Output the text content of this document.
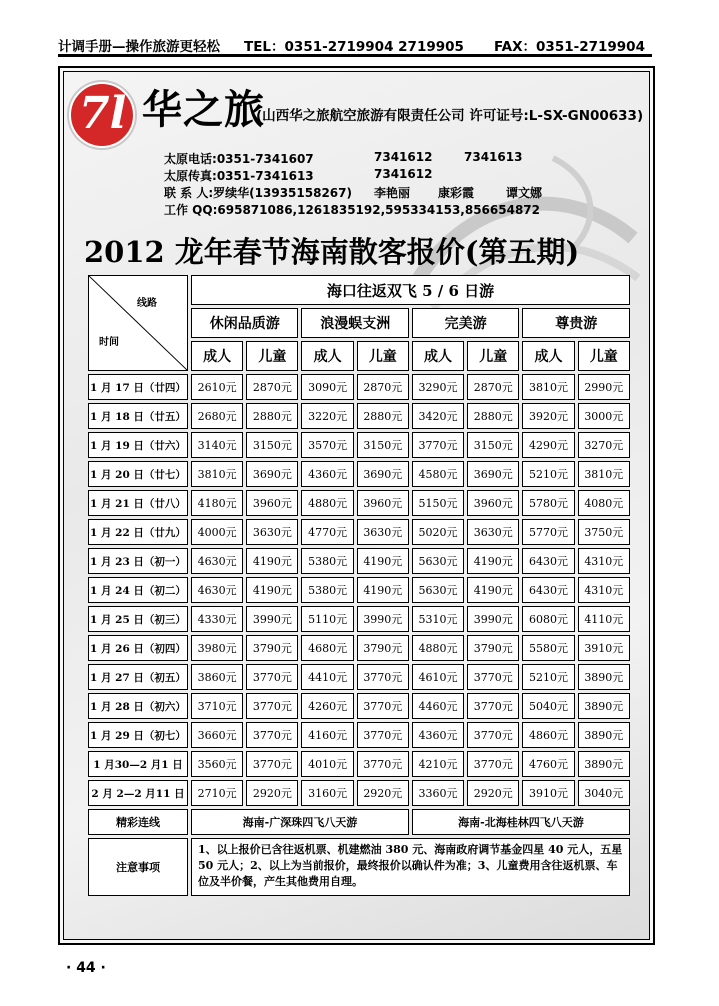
计调手册—操作旅游更轻松 TEL：0351-2719904 2719905 FAX：0351-2719904
7l 华之旅
(山西华之旅航空旅游有限责任公司 许可证号:L-SX-GN00633)
太原电话:0351-7341607	7341612	7341613
太原传真:0351-7341613	7341612
联 系 人:罗续华(13935158267) 李艳丽 康彩霞	谭文娜
工作 QQ:695871086,1261835192,595334153,856654872
2012 龙年春节海南散客报价(第五期)
线路
时间	海口往返双飞 5 / 6 日游							
	休闲品质游		浪漫蜈支洲		完美游		尊贵游	
	成人	儿童	成人	儿童	成人	儿童	成人	儿童
1 月 17 日（廿四）	2610元	2870元	3090元	2870元	3290元	2870元	3810元	2990元
1 月 18 日（廿五）	2680元	2880元	3220元	2880元	3420元	2880元	3920元	3000元
1 月 19 日（廿六）	3140元	3150元	3570元	3150元	3770元	3150元	4290元	3270元
1 月 20 日（廿七）	3810元	3690元	4360元	3690元	4580元	3690元	5210元	3810元
1 月 21 日（廿八）	4180元	3960元	4880元	3960元	5150元	3960元	5780元	4080元
1 月 22 日（廿九）	4000元	3630元	4770元	3630元	5020元	3630元	5770元	3750元
1 月 23 日（初一）	4630元	4190元	5380元	4190元	5630元	4190元	6430元	4310元
1 月 24 日（初二）	4630元	4190元	5380元	4190元	5630元	4190元	6430元	4310元
1 月 25 日（初三）	4330元	3990元	5110元	3990元	5310元	3990元	6080元	4110元
1 月 26 日（初四）	3980元	3790元	4680元	3790元	4880元	3790元	5580元	3910元
1 月 27 日（初五）	3860元	3770元	4410元	3770元	4610元	3770元	5210元	3890元
1 月 28 日（初六）	3710元	3770元	4260元	3770元	4460元	3770元	5040元	3890元
1 月 29 日（初七）	3660元	3770元	4160元	3770元	4360元	3770元	4860元	3890元
1 月30—2 月1 日	3560元	3770元	4010元	3770元	4210元	3770元	4760元	3890元
2 月 2—2 月11 日	2710元	2920元	3160元	2920元	3360元	2920元	3910元	3040元
精彩连线	海南-广深珠四飞八天游				海南-北海桂林四飞八天游			
注意事项	1、以上报价已含往返机票、机建燃油 380 元、海南政府调节基金四星 40 元人，五星 50 元人；2、以上为当前报价，最终报价以确认件为准；3、儿童费用含往返机票、车位及半价餐，产生其他费用自理。							
· 44 ·
